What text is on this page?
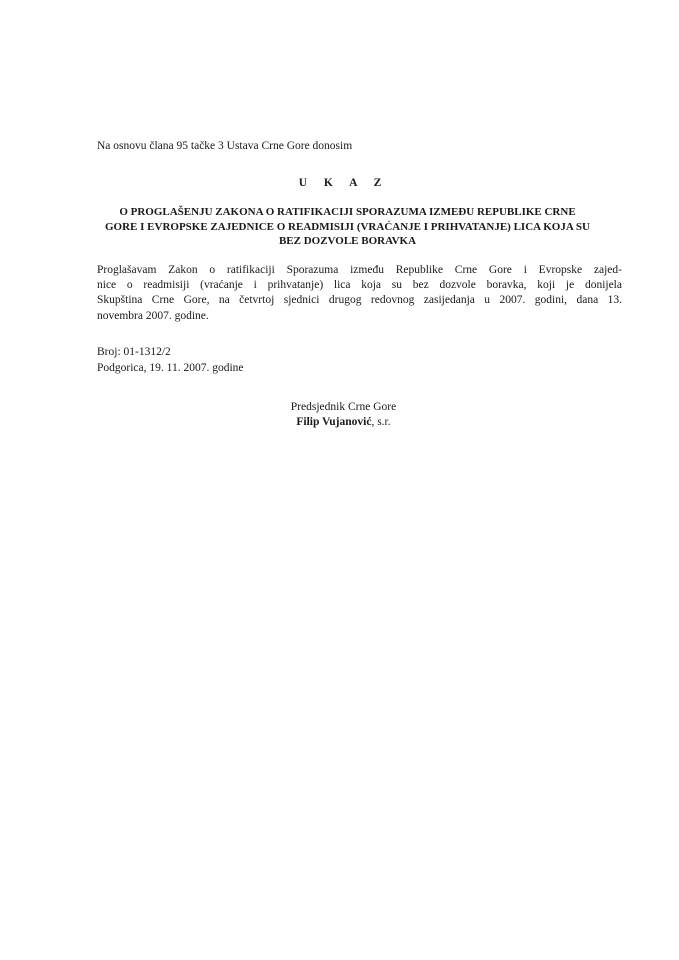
Na osnovu člana 95 tačke 3 Ustava Crne Gore donosim
U K A Z
O PROGLAŠENJU ZAKONA O RATIFIKACIJI SPORAZUMA IZMEĐU REPUBLIKE CRNE
GORE I EVROPSKE ZAJEDNICE O READMISIJI (VRAĆANJE I PRIHVATANJE) LICA KOJA SU
BEZ DOZVOLE BORAVKA
Proglašavam Zakon o ratifikaciji Sporazuma između Republike Crne Gore i Evropske zajed-
nice o readmisiji (vraćanje i prihvatanje) lica koja su bez dozvole boravka, koji je donijela
Skupština Crne Gore, na četvrtoj sjednici drugog redovnog zasijedanja u 2007. godini, dana 13.
novembra 2007. godine.
Broj: 01-1312/2
Podgorica, 19. 11. 2007. godine
Predsjednik Crne Gore
Filip Vujanović, s.r.
